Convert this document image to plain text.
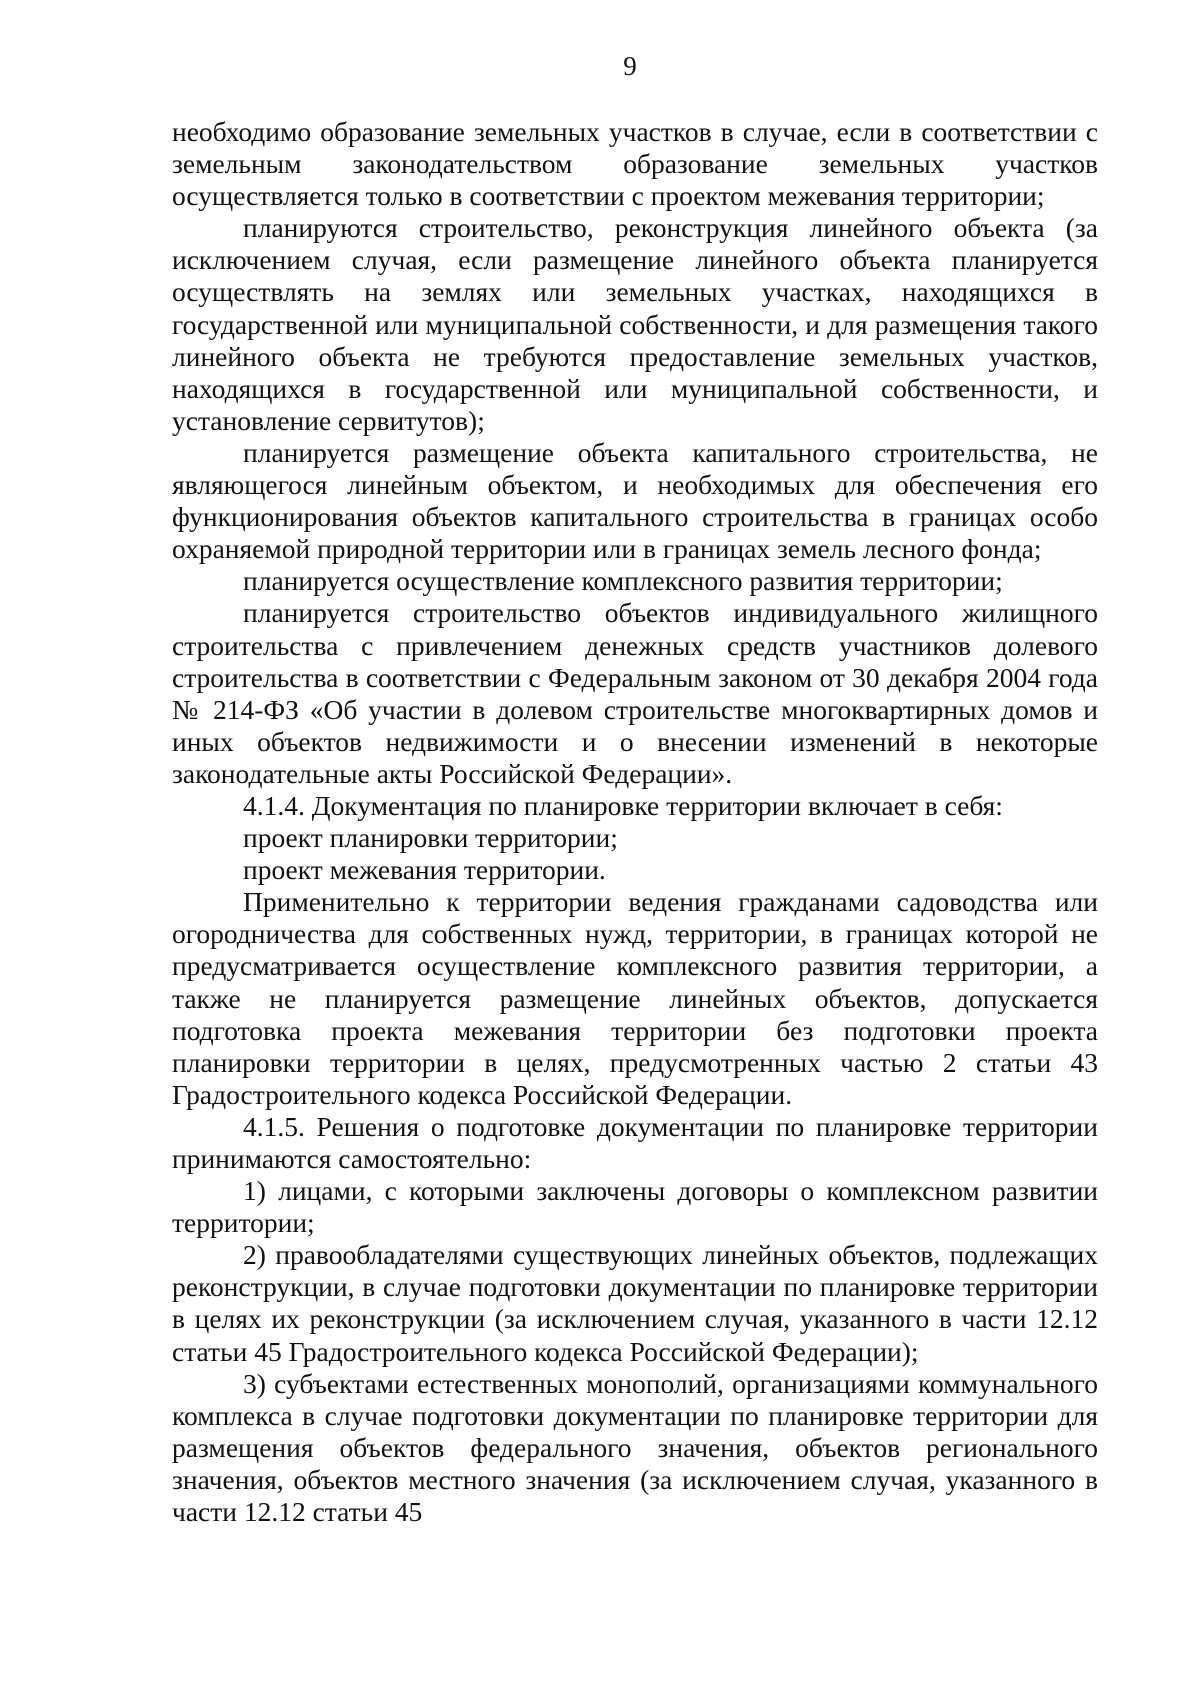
9

необходимо образование земельных участков в случае, если в соответствии с земельным законодательством образование земельных участков осуществляется только в соответствии с проектом межевания территории;

планируются строительство, реконструкция линейного объекта (за исключением случая, если размещение линейного объекта планируется осуществлять на землях или земельных участках, находящихся в государственной или муниципальной собственности, и для размещения такого линейного объекта не требуются предоставление земельных участков, находящихся в государственной или муниципальной собственности, и установление сервитутов);

планируется размещение объекта капитального строительства, не являющегося линейным объектом, и необходимых для обеспечения его функционирования объектов капитального строительства в границах особо охраняемой природной территории или в границах земель лесного фонда;

планируется осуществление комплексного развития территории;

планируется строительство объектов индивидуального жилищного строительства с привлечением денежных средств участников долевого строительства в соответствии с Федеральным законом от 30 декабря 2004 года № 214-ФЗ «Об участии в долевом строительстве многоквартирных домов и иных объектов недвижимости и о внесении изменений в некоторые законодательные акты Российской Федерации».

4.1.4. Документация по планировке территории включает в себя:

проект планировки территории;

проект межевания территории.

Применительно к территории ведения гражданами садоводства или огородничества для собственных нужд, территории, в границах которой не предусматривается осуществление комплексного развития территории, а также не планируется размещение линейных объектов, допускается подготовка проекта межевания территории без подготовки проекта планировки территории в целях, предусмотренных частью 2 статьи 43 Градостроительного кодекса Российской Федерации.

4.1.5. Решения о подготовке документации по планировке территории принимаются самостоятельно:

1) лицами, с которыми заключены договоры о комплексном развитии территории;

2) правообладателями существующих линейных объектов, подлежащих реконструкции, в случае подготовки документации по планировке территории в целях их реконструкции (за исключением случая, указанного в части 12.12 статьи 45 Градостроительного кодекса Российской Федерации);

3) субъектами естественных монополий, организациями коммунального комплекса в случае подготовки документации по планировке территории для размещения объектов федерального значения, объектов регионального значения, объектов местного значения (за исключением случая, указанного в части 12.12 статьи 45
